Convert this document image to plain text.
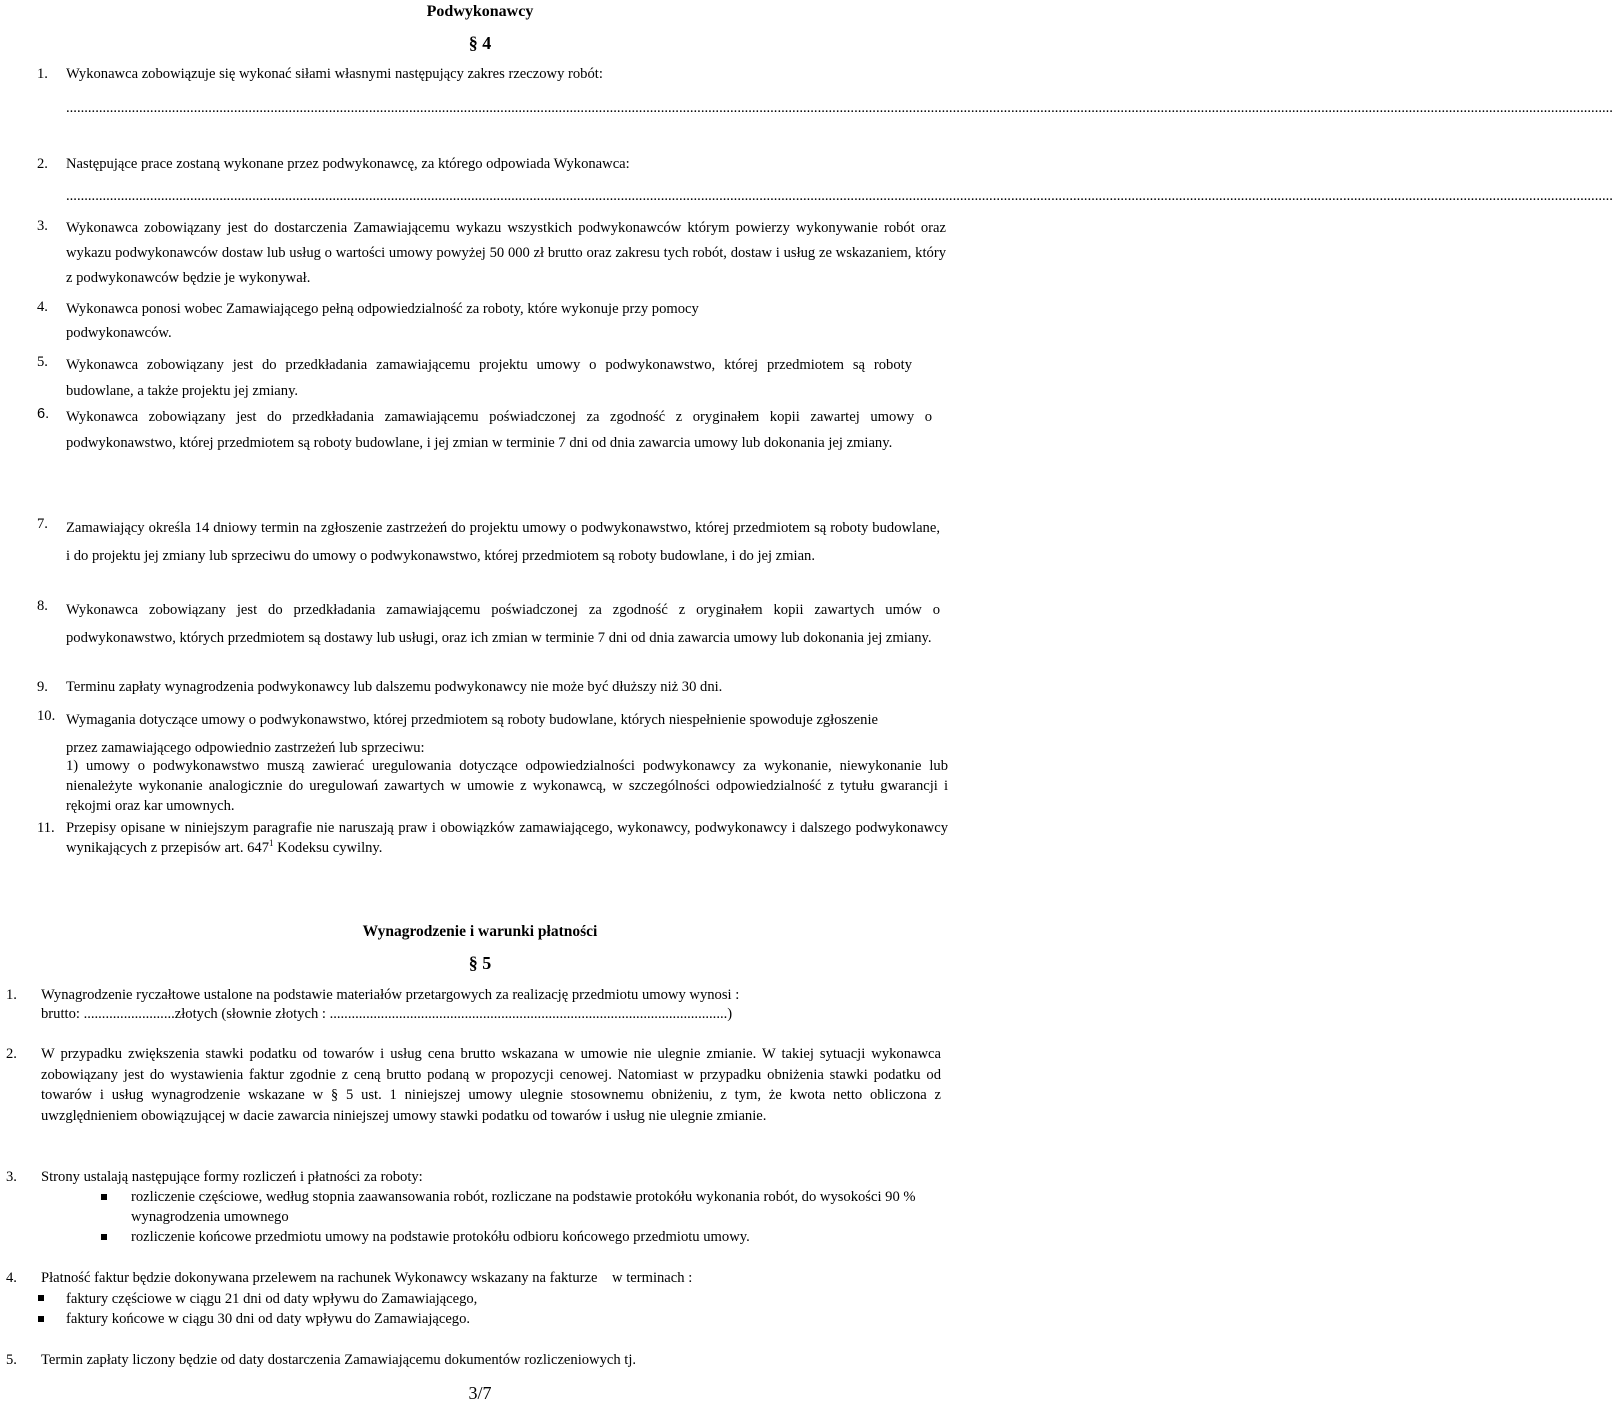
Podwykonawcy
§ 4
1. Wykonawca zobowiązuje się wykonać siłami własnymi następujący zakres rzeczowy robót:
........................................................................................................................................................................................................................................................................................................................................................................................................................................
2. Następujące prace zostaną wykonane przez podwykonawcę, za którego odpowiada Wykonawca:
........................................................................................................................................................................................................................................................................................................................................................................................................................................
3. Wykonawca zobowiązany jest do dostarczenia Zamawiającemu wykazu wszystkich podwykonawców którym powierzy wykonywanie robót oraz wykazu podwykonawców dostaw lub usług o wartości umowy powyżej 50 000 zł brutto oraz zakresu tych robót, dostaw i usług ze wskazaniem, który z podwykonawców będzie je wykonywał.
4. Wykonawca ponosi wobec Zamawiającego pełną odpowiedzialność za roboty, które wykonuje przy pomocy podwykonawców.
5. Wykonawca zobowiązany jest do przedkładania zamawiającemu projektu umowy o podwykonawstwo, której przedmiotem są roboty budowlane, a także projektu jej zmiany.
6. Wykonawca zobowiązany jest do przedkładania zamawiającemu poświadczonej za zgodność z oryginałem kopii zawartej umowy o podwykonawstwo, której przedmiotem są roboty budowlane, i jej zmian w terminie 7 dni od dnia zawarcia umowy lub dokonania jej zmiany.
7. Zamawiający określa 14 dniowy termin na zgłoszenie zastrzeżeń do projektu umowy o podwykonawstwo, której przedmiotem są roboty budowlane, i do projektu jej zmiany lub sprzeciwu do umowy o podwykonawstwo, której przedmiotem są roboty budowlane, i do jej zmian.
8. Wykonawca zobowiązany jest do przedkładania zamawiającemu poświadczonej za zgodność z oryginałem kopii zawartych umów o podwykonawstwo, których przedmiotem są dostawy lub usługi, oraz ich zmian w terminie 7 dni od dnia zawarcia umowy lub dokonania jej zmiany.
9. Terminu zapłaty wynagrodzenia podwykonawcy lub dalszemu podwykonawcy nie może być dłuższy niż 30 dni.
10. Wymagania dotyczące umowy o podwykonawstwo, której przedmiotem są roboty budowlane, których niespełnienie spowoduje zgłoszenie przez zamawiającego odpowiednio zastrzeżeń lub sprzeciwu:
1) umowy o podwykonawstwo muszą zawierać uregulowania dotyczące odpowiedzialności podwykonawcy za wykonanie, niewykonanie lub nienależyte wykonanie analogicznie do uregulowań zawartych w umowie z wykonawcą, w szczególności odpowiedzialność z tytułu gwarancji i rękojmi oraz kar umownych.
11. Przepisy opisane w niniejszym paragrafie nie naruszają praw i obowiązków zamawiającego, wykonawcy, podwykonawcy i dalszego podwykonawcy wynikających z przepisów art. $647^1$ Kodeksu cywilny.
Wynagrodzenie i warunki płatności
§ 5
1. Wynagrodzenie ryczałtowe ustalone na podstawie materiałów przetargowych za realizację przedmiotu umowy wynosi :
brutto: .........................złotych (słownie złotych : .............................................................................................................)
2. W przypadku zwiększenia stawki podatku od towarów i usług cena brutto wskazana w umowie nie ulegnie zmianie. W takiej sytuacji wykonawca zobowiązany jest do wystawienia faktur zgodnie z ceną brutto podaną w propozycji cenowej. Natomiast w przypadku obniżenia stawki podatku od towarów i usług wynagrodzenie wskazane w § 5 ust. 1 niniejszej umowy ulegnie stosownemu obniżeniu, z tym, że kwota netto obliczona z uwzględnieniem obowiązującej w dacie zawarcia niniejszej umowy stawki podatku od towarów i usług nie ulegnie zmianie.
3. Strony ustalają następujące formy rozliczeń i płatności za roboty:
rozliczenie częściowe, według stopnia zaawansowania robót, rozliczane na podstawie protokółu wykonania robót, do wysokości 90 % wynagrodzenia umownego
rozliczenie końcowe przedmiotu umowy na podstawie protokółu odbioru końcowego przedmiotu umowy.
4. Płatność faktur będzie dokonywana przelewem na rachunek Wykonawcy wskazany na fakturze    w terminach :
faktury częściowe w ciągu 21 dni od daty wpływu do Zamawiającego,
faktury końcowe w ciągu 30 dni od daty wpływu do Zamawiającego.
5. Termin zapłaty liczony będzie od daty dostarczenia Zamawiającemu dokumentów rozliczeniowych tj.
3/7
